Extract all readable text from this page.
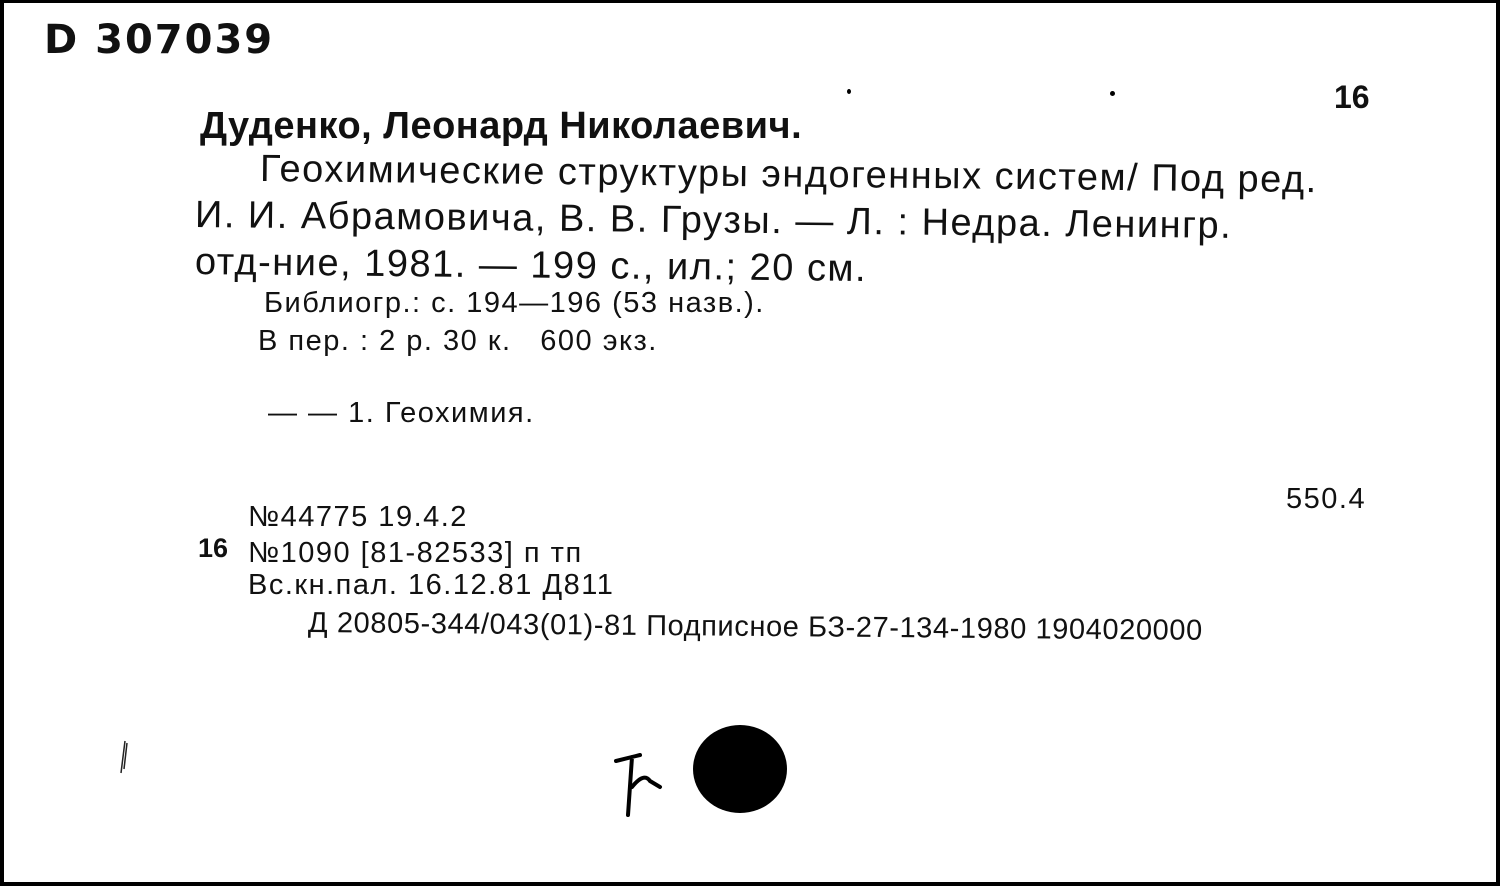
D 307039
16
Дуденко, Леонард Николаевич.
Геохимические структуры эндогенных систем/ Под ред.
И. И. Абрамовича, В. В. Грузы. — Л. : Недра. Ленингр.
отд-ние, 1981. — 199 с., ил.; 20 см.
Библиогр.: с. 194—196 (53 назв.).
В пер. : 2 р. 30 к.   600 экз.
— — 1. Геохимия.
550.4
№44775 19.4.2
16 №1090 [81-82533] п тп
Вс.кн.пал. 16.12.81 Д811
Д 20805-344/043(01)-81 Подписное БЗ-27-134-1980 1904020000
